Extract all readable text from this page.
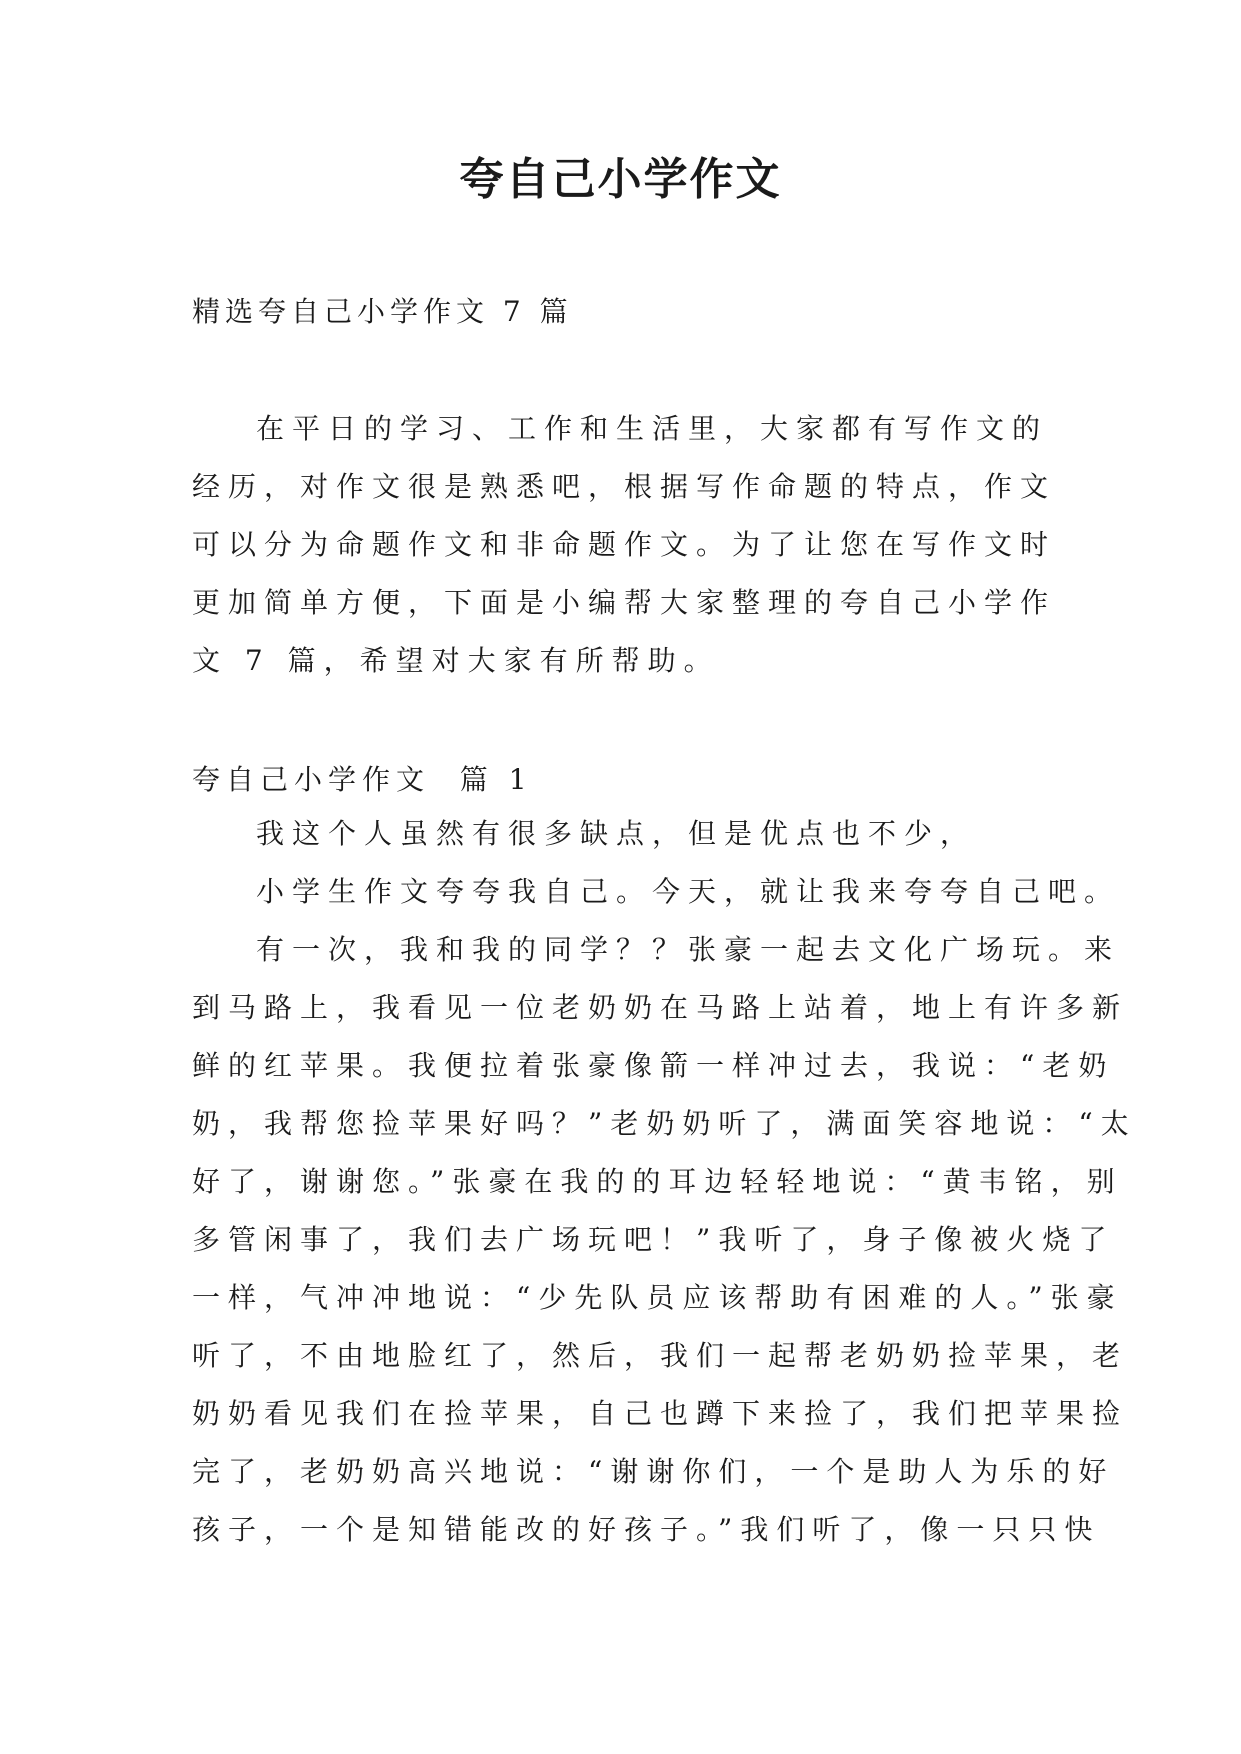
夸自己小学作文
精选夸自己小学作文 7 篇
在平日的学习、工作和生活里，大家都有写作文的经历，对作文很是熟悉吧，根据写作命题的特点，作文可以分为命题作文和非命题作文。为了让您在写作文时更加简单方便，下面是小编帮大家整理的夸自己小学作文 7 篇，希望对大家有所帮助。
夸自己小学作文  篇 1
我这个人虽然有很多缺点，但是优点也不少，
小学生作文夸夸我自己。今天，就让我来夸夸自己吧。
有一次，我和我的同学？？张豪一起去文化广场玩。来
到马路上，我看见一位老奶奶在马路上站着，地上有许多新
鲜的红苹果。我便拉着张豪像箭一样冲过去，我说：“老奶
奶，我帮您捡苹果好吗？”老奶奶听了，满面笑容地说：“太
好了，谢谢您。”张豪在我的的耳边轻轻地说：“黄韦铭，别
多管闲事了，我们去广场玩吧！”我听了，身子像被火烧了
一样，气冲冲地说：“少先队员应该帮助有困难的人。”张豪
听了，不由地脸红了，然后，我们一起帮老奶奶捡苹果，老
奶奶看见我们在捡苹果，自己也蹲下来捡了，我们把苹果捡
完了，老奶奶高兴地说：“谢谢你们，一个是助人为乐的好
孩子，一个是知错能改的好孩子。”我们听了，像一只只快
